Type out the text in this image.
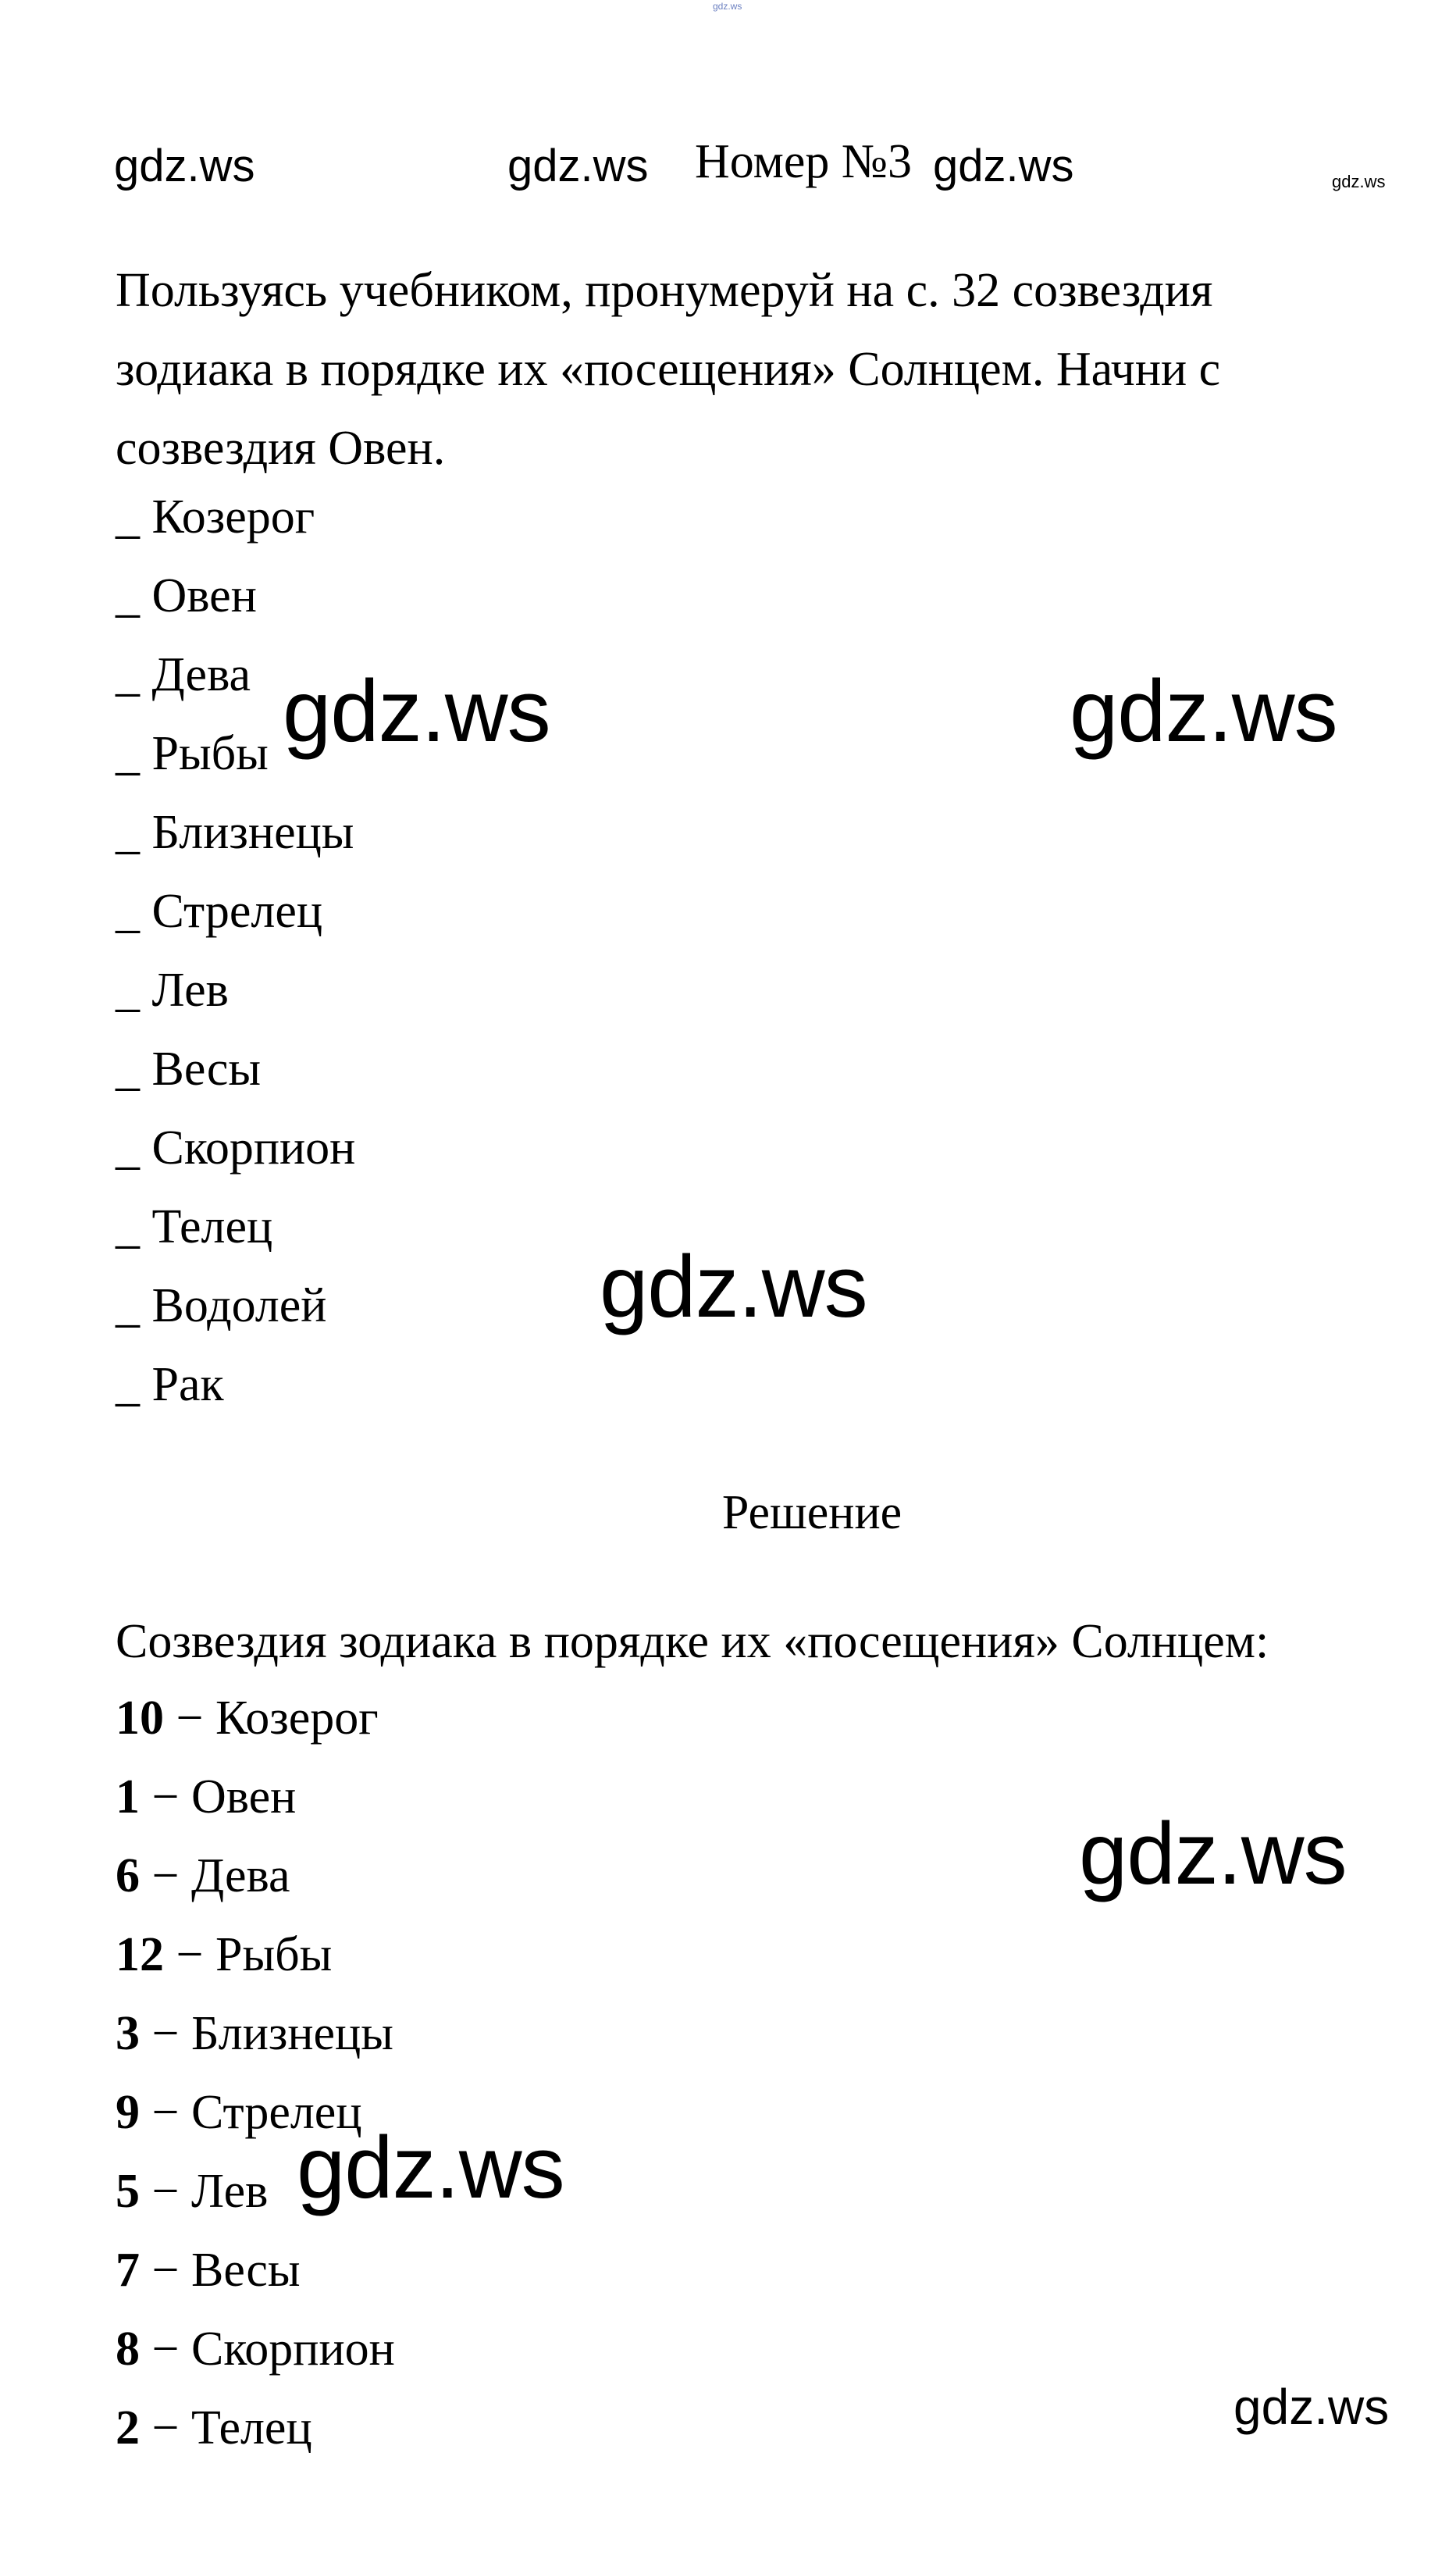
gdz.ws
gdz.ws	gdz.ws Номер №3 gdz.ws	gdz.ws
Пользуясь учебником, пронумеруй на с. 32 созвездия
зодиака в порядке их «посещения» Солнцем. Начни с
созвездия Овен.
_ Козерог
_ Овен
_ Дева
_ Рыбы
_ Близнецы
_ Стрелец
_ Лев
_ Весы
_ Скорпион
_ Телец
_ Водолей
_ Рак
Решение
Созвездия зодиака в порядке их «посещения» Солнцем:
10 − Козерог
1 − Овен
6 − Дева
12 − Рыбы
3 − Близнецы
9 − Стрелец
5 − Лев
7 − Весы
8 − Скорпион
2 − Телец
gdz.ws	gdz.ws
gdz.ws
gdz.ws
gdz.ws
gdz.ws
